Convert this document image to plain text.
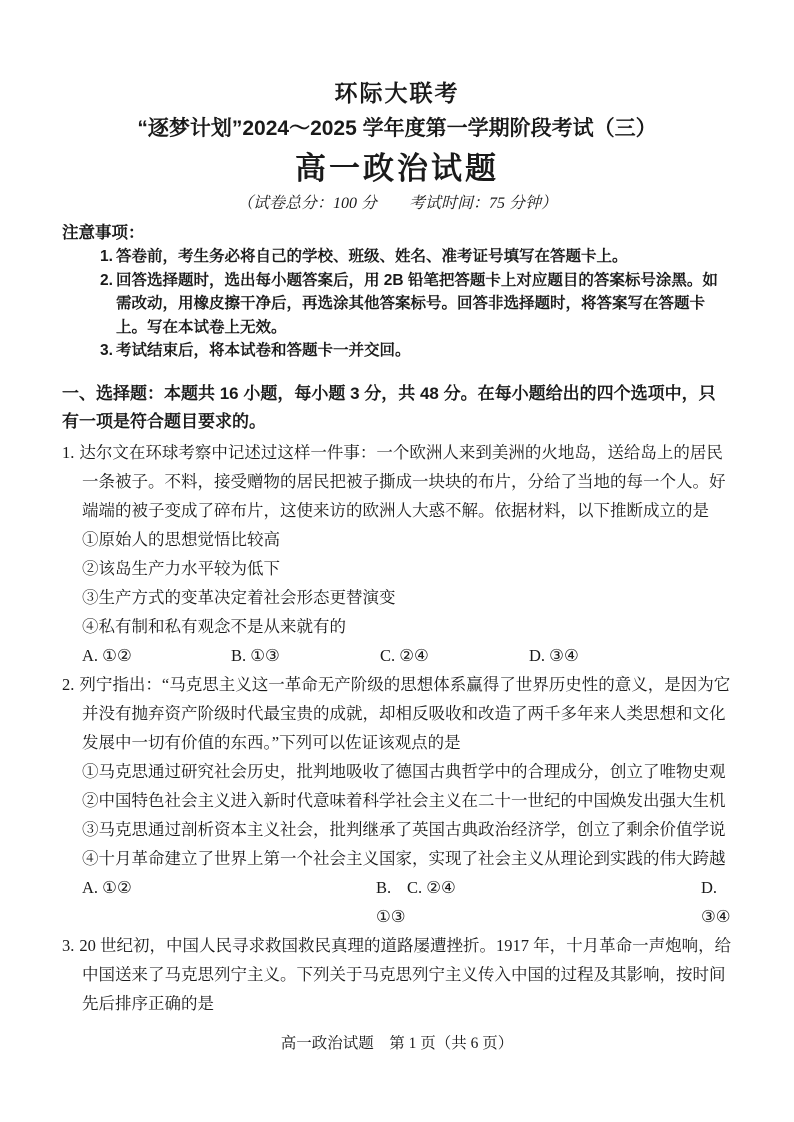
环际大联考
“逐梦计划”2024～2025 学年度第一学期阶段考试（三）
高一政治试题
（试卷总分：100 分　　考试时间：75 分钟）
注意事项：
1. 答卷前，考生务必将自己的学校、班级、姓名、准考证号填写在答题卡上。
2. 回答选择题时，选出每小题答案后，用 2B 铅笔把答题卡上对应题目的答案标号涂黑。如需改动，用橡皮擦干净后，再选涂其他答案标号。回答非选择题时，将答案写在答题卡上。写在本试卷上无效。
3. 考试结束后，将本试卷和答题卡一并交回。
一、选择题：本题共 16 小题，每小题 3 分，共 48 分。在每小题给出的四个选项中，只有一项是符合题目要求的。
1. 达尔文在环球考察中记述过这样一件事：一个欧洲人来到美洲的火地岛，送给岛上的居民一条被子。不料，接受赠物的居民把被子撕成一块块的布片，分给了当地的每一个人。好端端的被子变成了碎布片，这使来访的欧洲人大惑不解。依据材料，以下推断成立的是
①原始人的思想觉悟比较高
②该岛生产力水平较为低下
③生产方式的变革决定着社会形态更替演变
④私有制和私有观念不是从来就有的
A. ①②	B. ①③	C. ②④	D. ③④
2. 列宁指出：“马克思主义这一革命无产阶级的思想体系赢得了世界历史性的意义，是因为它并没有抛弃资产阶级时代最宝贵的成就，却相反吸收和改造了两千多年来人类思想和文化发展中一切有价值的东西。”下列可以佐证该观点的是
①马克思通过研究社会历史，批判地吸收了德国古典哲学中的合理成分，创立了唯物史观
②中国特色社会主义进入新时代意味着科学社会主义在二十一世纪的中国焕发出强大生机
③马克思通过剖析资本主义社会，批判继承了英国古典政治经济学，创立了剩余价值学说
④十月革命建立了世界上第一个社会主义国家，实现了社会主义从理论到实践的伟大跨越
A. ①②	B. ①③
C. ②④	D. ③④
3. 20 世纪初，中国人民寻求救国救民真理的道路屡遭挫折。1917 年，十月革命一声炮响，给中国送来了马克思列宁主义。下列关于马克思列宁主义传入中国的过程及其影响，按时间先后排序正确的是
高一政治试题　第 1 页（共 6 页）
